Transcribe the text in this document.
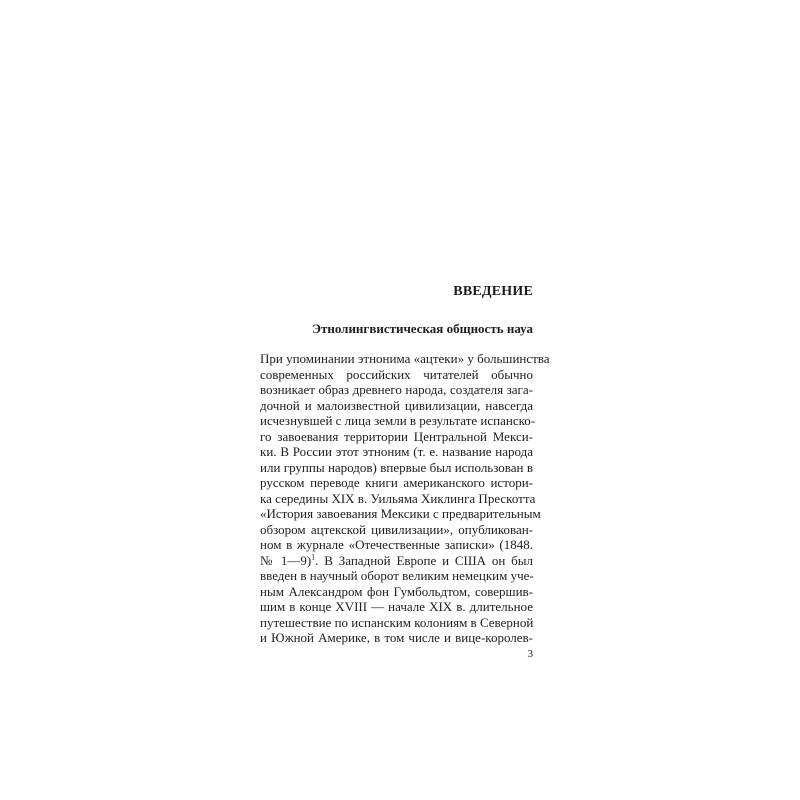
ВВЕДЕНИЕ
Этнолингвистическая общность науа
При упоминании этнонима «ацтеки» у большинства
современных российских читателей обычно
возникает образ древнего народа, создателя зага-
дочной и малоизвестной цивилизации, навсегда
исчезнувшей с лица земли в результате испанско-
го завоевания территории Центральной Мекси-
ки. В России этот этноним (т. е. название народа
или группы народов) впервые был использован в
русском переводе книги американского истори-
ка середины XIX в. Уильяма Хиклинга Прескотта
«История завоевания Мексики с предварительным
обзором ацтекской цивилизации», опубликован-
ном в журнале «Отечественные записки» (1848.
№ 1—9)$^1$. В Западной Европе и США он был
введен в научный оборот великим немецким уче-
ным Александром фон Гумбольдтом, совершив-
шим в конце XVIII — начале XIX в. длительное
путешествие по испанским колониям в Северной
и Южной Америке, в том числе и вице-королев-
3
